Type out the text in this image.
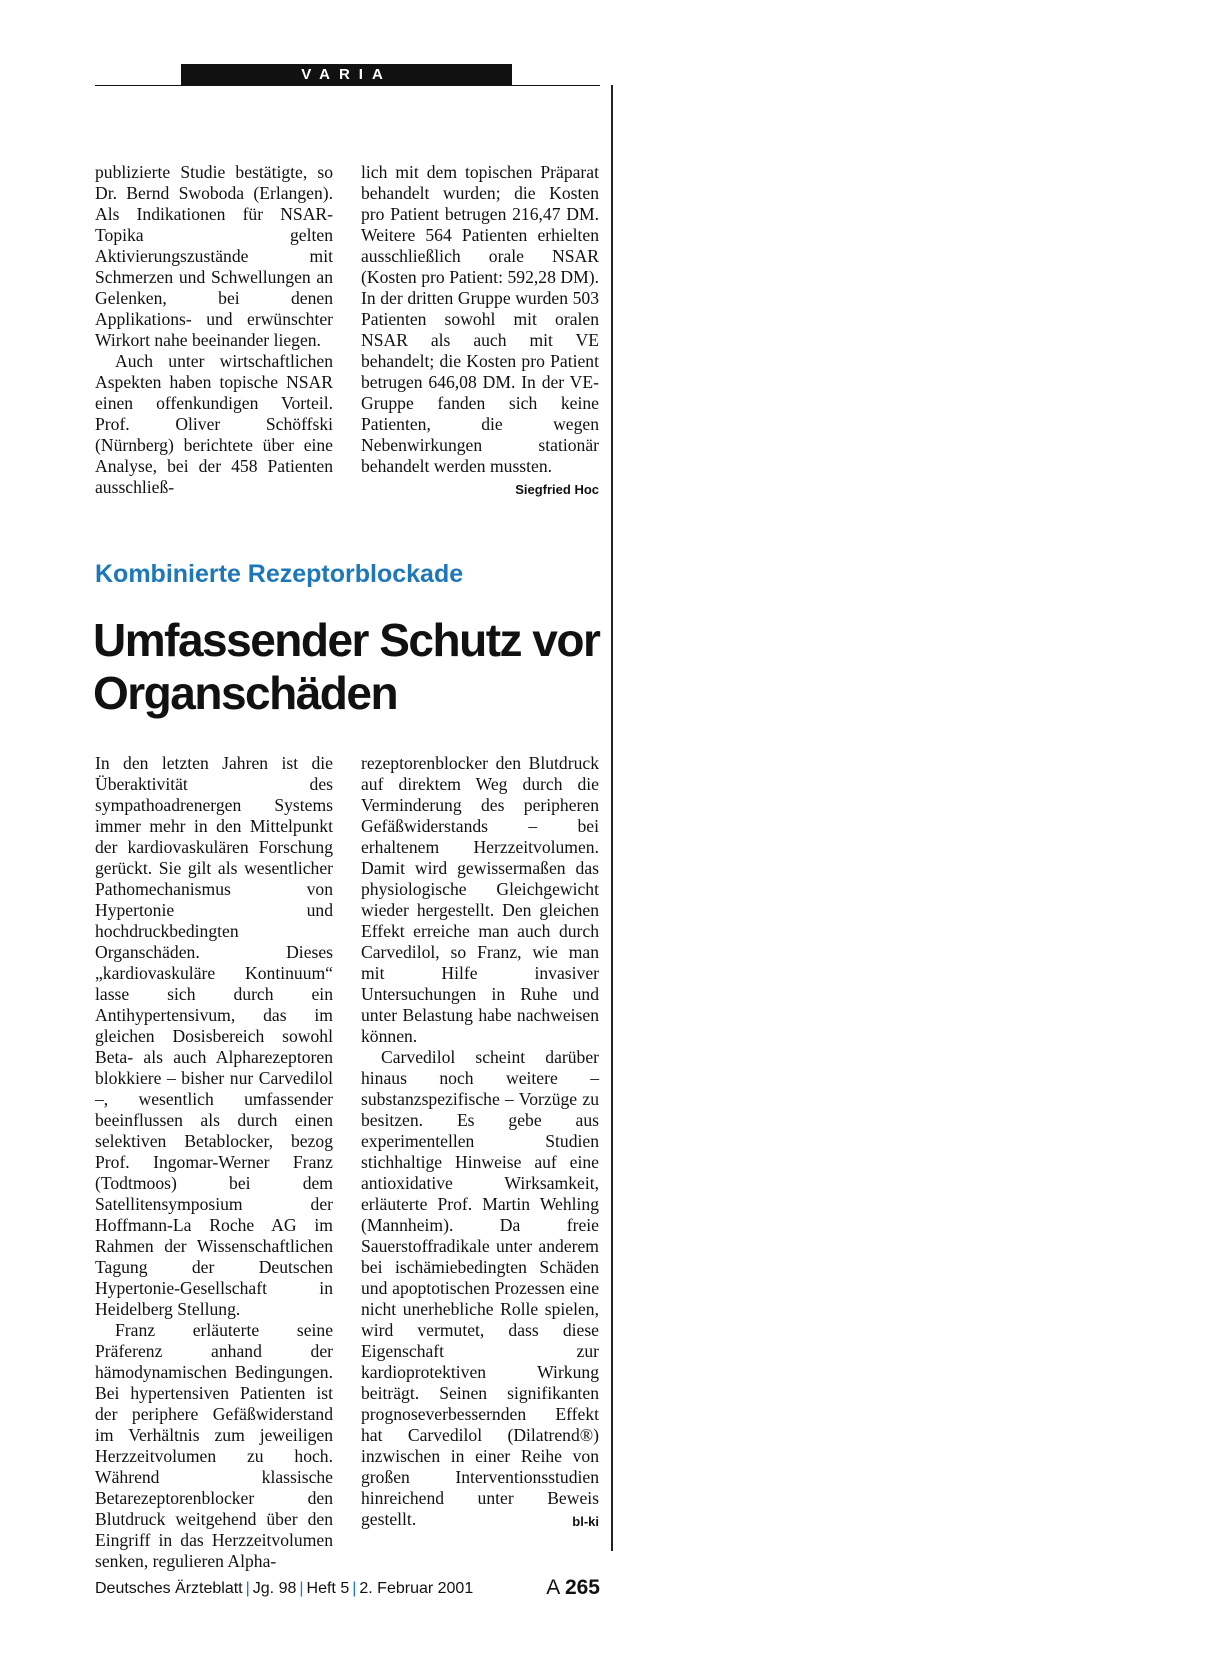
VARIA

publizierte Studie bestätigte, so Dr. Bernd Swoboda (Erlangen). Als Indikationen für NSAR-Topika gelten Aktivierungszustände mit Schmerzen und Schwellungen an Gelenken, bei denen Applikations- und erwünschter Wirkort nahe beeinander liegen.

Auch unter wirtschaftlichen Aspekten haben topische NSAR einen offenkundigen Vorteil. Prof. Oliver Schöffski (Nürnberg) berichtete über eine Analyse, bei der 458 Patienten ausschließ-

lich mit dem topischen Präparat behandelt wurden; die Kosten pro Patient betrugen 216,47 DM. Weitere 564 Patienten erhielten ausschließlich orale NSAR (Kosten pro Patient: 592,28 DM). In der dritten Gruppe wurden 503 Patienten sowohl mit oralen NSAR als auch mit VE behandelt; die Kosten pro Patient betrugen 646,08 DM. In der VE-Gruppe fanden sich keine Patienten, die wegen Nebenwirkungen stationär behandelt werden mussten.
Siegfried Hoc

Kombinierte Rezeptorblockade
Umfassender Schutz vor
Organschäden

In den letzten Jahren ist die Überaktivität des sympathoadrenergen Systems immer mehr in den Mittelpunkt der kardiovaskulären Forschung gerückt. Sie gilt als wesentlicher Pathomechanismus von Hypertonie und hochdruckbedingten Organschäden. Dieses „kardiovaskuläre Kontinuum“ lasse sich durch ein Antihypertensivum, das im gleichen Dosisbereich sowohl Beta- als auch Alpharezeptoren blokkiere – bisher nur Carvedilol –, wesentlich umfassender beeinflussen als durch einen selektiven Betablocker, bezog Prof. Ingomar-Werner Franz (Todtmoos) bei dem Satellitensymposium der Hoffmann-La Roche AG im Rahmen der Wissenschaftlichen Tagung der Deutschen Hypertonie-Gesellschaft in Heidelberg Stellung.

Franz erläuterte seine Präferenz anhand der hämodynamischen Bedingungen. Bei hypertensiven Patienten ist der periphere Gefäßwiderstand im Verhältnis zum jeweiligen Herzzeitvolumen zu hoch. Während klassische Betarezeptorenblocker den Blutdruck weitgehend über den Eingriff in das Herzzeitvolumen senken, regulieren Alpha-

rezeptorenblocker den Blutdruck auf direktem Weg durch die Verminderung des peripheren Gefäßwiderstands – bei erhaltenem Herzzeitvolumen. Damit wird gewissermaßen das physiologische Gleichgewicht wieder hergestellt. Den gleichen Effekt erreiche man auch durch Carvedilol, so Franz, wie man mit Hilfe invasiver Untersuchungen in Ruhe und unter Belastung habe nachweisen können.

Carvedilol scheint darüber hinaus noch weitere – substanzspezifische – Vorzüge zu besitzen. Es gebe aus experimentellen Studien stichhaltige Hinweise auf eine antioxidative Wirksamkeit, erläuterte Prof. Martin Wehling (Mannheim). Da freie Sauerstoffradikale unter anderem bei ischämiebedingten Schäden und apoptotischen Prozessen eine nicht unerhebliche Rolle spielen, wird vermutet, dass diese Eigenschaft zur kardioprotektiven Wirkung beiträgt. Seinen signifikanten prognoseverbessernden Effekt hat Carvedilol (Dilatrend®) inzwischen in einer Reihe von großen Interventionsstudien hinreichend unter Beweis gestellt.	bl-ki

Deutsches Ärzteblatt | Jg. 98 | Heft 5 | 2. Februar 2001	A 265
